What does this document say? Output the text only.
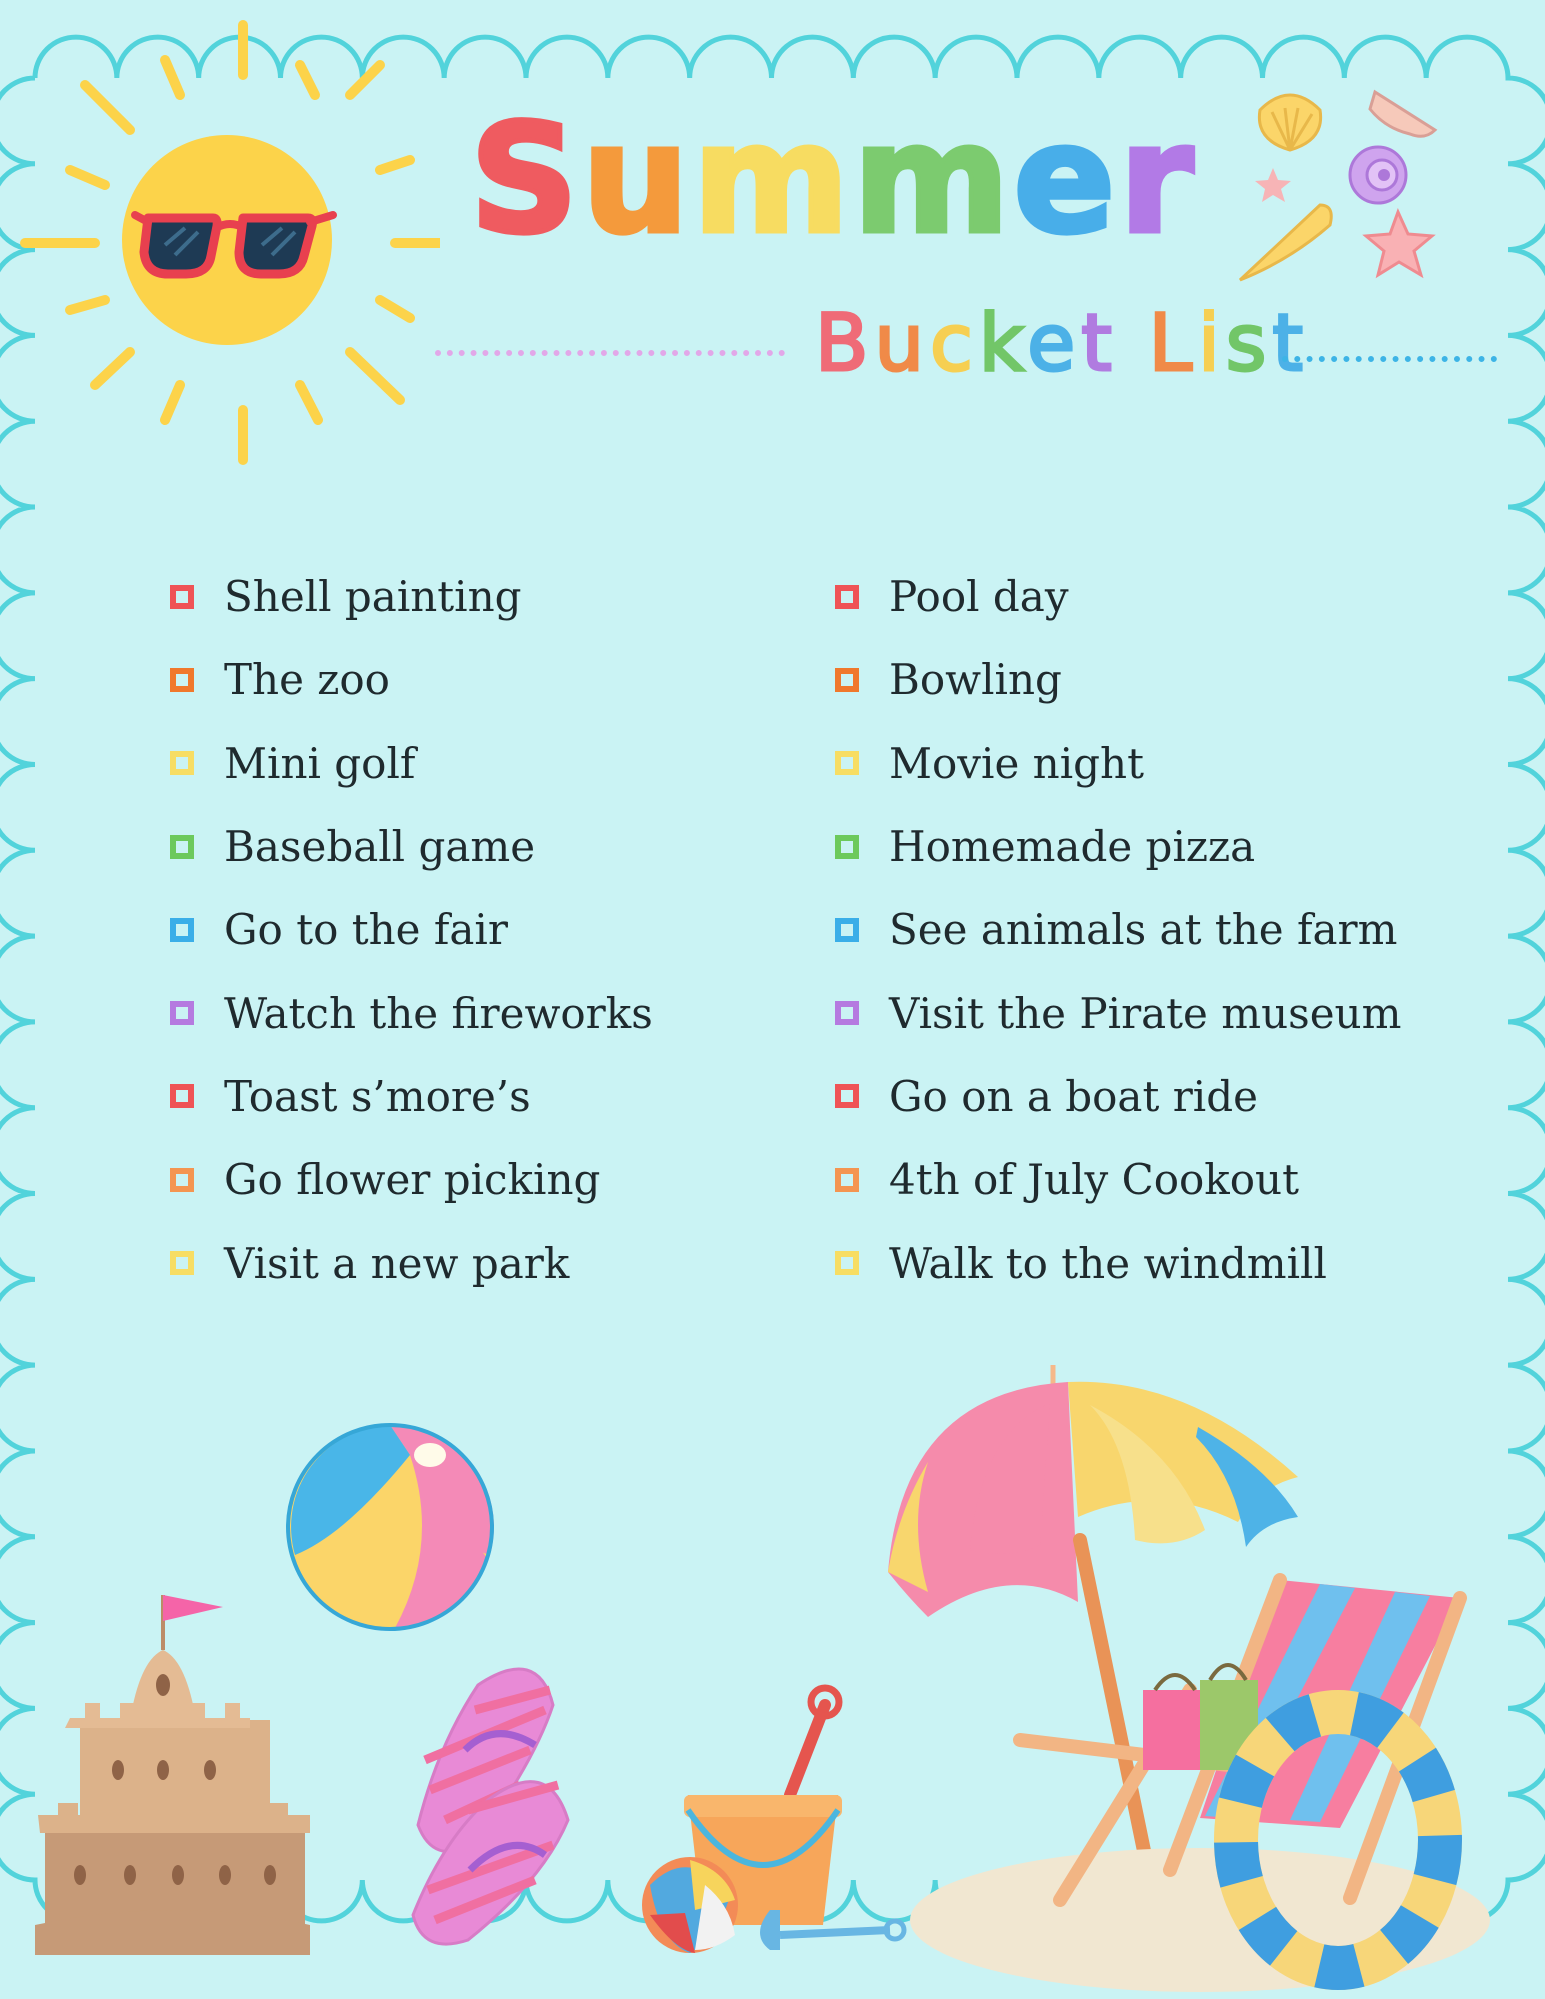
Summer
Bucket List
Shell painting
The zoo
Mini golf
Baseball game
Go to the fair
Watch the fireworks
Toast s’more’s
Go flower picking
Visit a new park
Pool day
Bowling
Movie night
Homemade pizza
See animals at the farm
Visit the Pirate museum
Go on a boat ride
4th of July Cookout
Walk to the windmill
